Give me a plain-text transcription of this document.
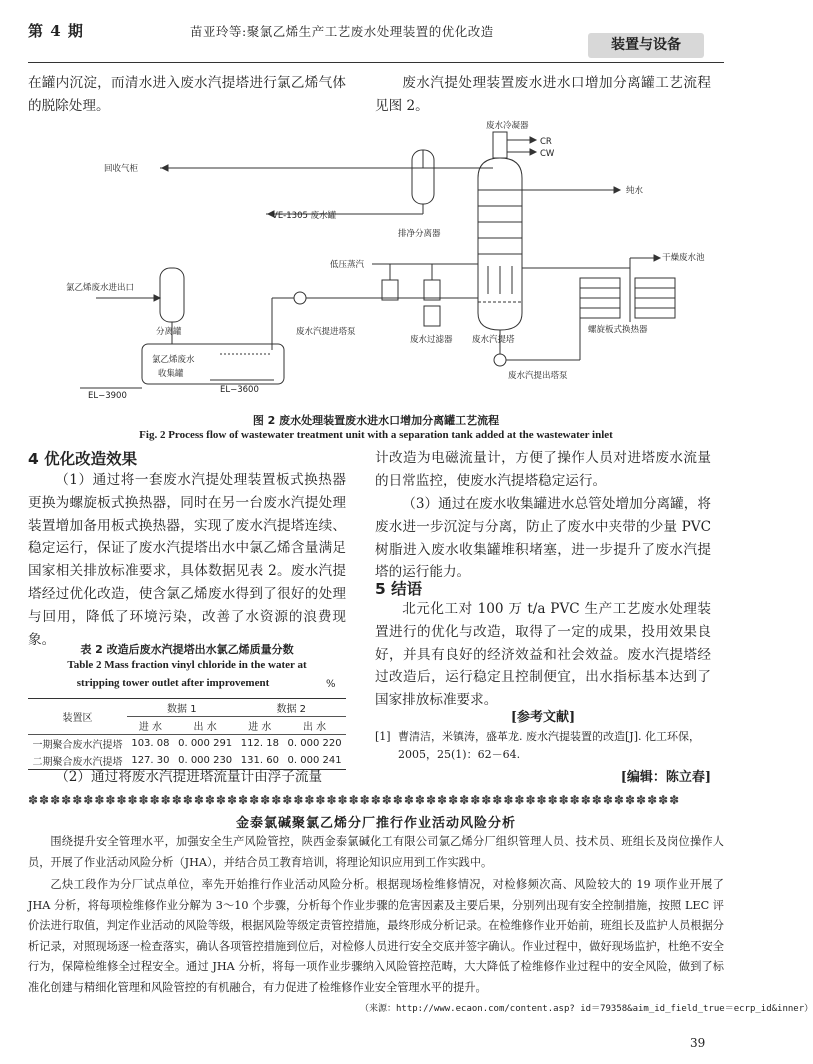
第 4 期	苗亚玲等:聚氯乙烯生产工艺废水处理装置的优化改造
装置与设备
在罐内沉淀，而清水进入废水汽提塔进行氯乙烯气体的脱除处理。
废水汽提处理装置废水进水口增加分离罐工艺流程见图 2。
废水冷凝器
CR
CW
回收气柜
排净分离器
VE-1305 废水罐
纯水
低压蒸汽
干燥废水池
螺旋板式换热器
氯乙烯废水进出口
分离罐	废水汽提进塔泵
废水过滤器 废水汽提塔
氯乙烯废水
收集罐
EL−3600
EL−3900
废水汽提出塔泵
图 2 废水处理装置废水进水口增加分离罐工艺流程
Fig. 2 Process flow of wastewater treatment unit with a separation tank added at the wastewater inlet
4 优化改造效果
（1）通过将一套废水汽提处理装置板式换热器更换为螺旋板式换热器，同时在另一台废水汽提处理装置增加备用板式换热器，实现了废水汽提塔连续、稳定运行，保证了废水汽提塔出水中氯乙烯含量满足国家相关排放标准要求，具体数据见表 2。废水汽提塔经过优化改造，使含氯乙烯废水得到了很好的处理与回用，降低了环境污染，改善了水资源的浪费现象。
表 2 改造后废水汽提塔出水氯乙烯质量分数
Table 2 Mass fraction vinyl chloride in the water at
stripping tower outlet after improvement	%
装置区	数据 1		数据 2	
	进 水	出 水	进 水	出 水
一期聚合废水汽提塔	103. 08	0. 000 291	112. 18	0. 000 220
二期聚合废水汽提塔	127. 30	0. 000 230	131. 60	0. 000 241
（2）通过将废水汽提进塔流量计由浮子流量
计改造为电磁流量计，方便了操作人员对进塔废水流量的日常监控，使废水汽提塔稳定运行。
（3）通过在废水收集罐进水总管处增加分离罐，将废水进一步沉淀与分离，防止了废水中夹带的少量 PVC 树脂进入废水收集罐堆积堵塞，进一步提升了废水汽提塔的运行能力。
5 结语
北元化工对 100 万 t/a PVC 生产工艺废水处理装置进行的优化与改造，取得了一定的成果，投用效果良好，并具有良好的经济效益和社会效益。废水汽提塔经过改造后，运行稳定且控制便宜，出水指标基本达到了国家排放标准要求。
[参考文献]
[1] 曹清洁，米镇涛，盛革龙. 废水汽提装置的改造[J]. 化工环保，2005，25(1)：62－64.
[编辑：陈立春]
✽✽✽✽✽✽✽✽✽✽✽✽✽✽✽✽✽✽✽✽✽✽✽✽✽✽✽✽✽✽✽✽✽✽✽✽✽✽✽✽✽✽✽✽✽✽✽✽✽✽✽✽✽✽✽✽✽✽✽
金泰氯碱聚氯乙烯分厂推行作业活动风险分析
围绕提升安全管理水平，加强安全生产风险管控，陕西金泰氯碱化工有限公司氯乙烯分厂组织管理人员、技术员、班组长及岗位操作人员，开展了作业活动风险分析（JHA），并结合员工教育培训，将理论知识应用到工作实践中。
乙炔工段作为分厂试点单位，率先开始推行作业活动风险分析。根据现场检维修情况，对检修频次高、风险较大的 19 项作业开展了 JHA 分析，将每项检维修作业分解为 3～10 个步骤，分析每个作业步骤的危害因素及主要后果，分别列出现有安全控制措施，按照 LEC 评价法进行取值，判定作业活动的风险等级，根据风险等级定责管控措施，最终形成分析记录。在检维修作业开始前，班组长及监护人员根据分析记录，对照现场逐一检查落实，确认各项管控措施到位后，对检修人员进行安全交底并签字确认。作业过程中，做好现场监护，杜绝不安全行为，保障检维修全过程安全。通过 JHA 分析，将每一项作业步骤纳入风险管控范畴，大大降低了检维修作业过程中的安全风险，做到了标准化创建与精细化管理和风险管控的有机融合，有力促进了检维修作业安全管理水平的提升。
（来源：http://www.ecaon.com/content.asp? id＝79358&aim_id_field_true＝ecrp_id&inner）
39
